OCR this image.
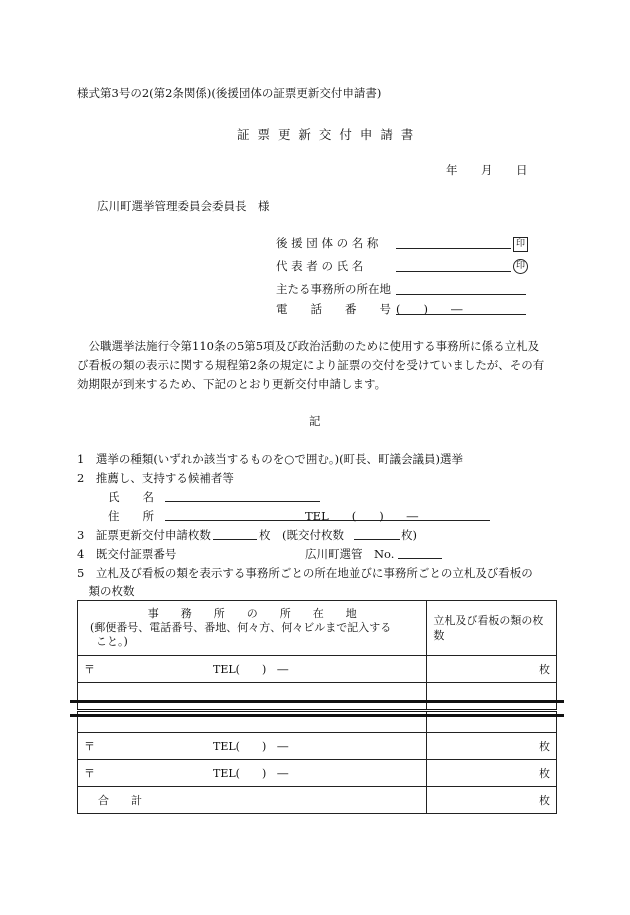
様式第3号の2(第2条関係)(後援団体の証票更新交付申請書)
証 票 更 新 交 付 申 請 書
年 月 日
広川町選挙管理委員会委員長　様
後 援 団 体 の 名 称	印
代 表 者 の 氏 名	印
主たる事務所の所在地
電　　話　　番　　号 (　　)　　―
　公職選挙法施行令第110条の5第5項及び政治活動のために使用する事務所に係る立札及
び看板の類の表示に関する規程第2条の規定により証票の交付を受けていましたが、その有
効期限が到来するため、下記のとおり更新交付申請します。
記
1　選挙の種類(いずれか該当するものを○で囲む。)(町長、町議会議員)選挙
2　推薦し、支持する候補者等
氏　　名
住　　所	TEL　　(　　)　　―
3　証票更新交付申請枚数	枚　(既交付枚数	枚)
4　既交付証票番号	広川町選管　No.
5　立札及び看板の類を表示する事務所ごとの所在地並びに事務所ごとの立札及び看板の
　類の枚数
事　　務　　所　　の　　所　　在　　地
(郵便番号、電話番号、番地、何々方、何々ビルまで記入する
こと。)	立札及び看板の類の枚数
〒 TEL(　　)　―	枚

〒 TEL(　　)　―	枚
〒 TEL(　　)　―	枚
合　　計	枚
